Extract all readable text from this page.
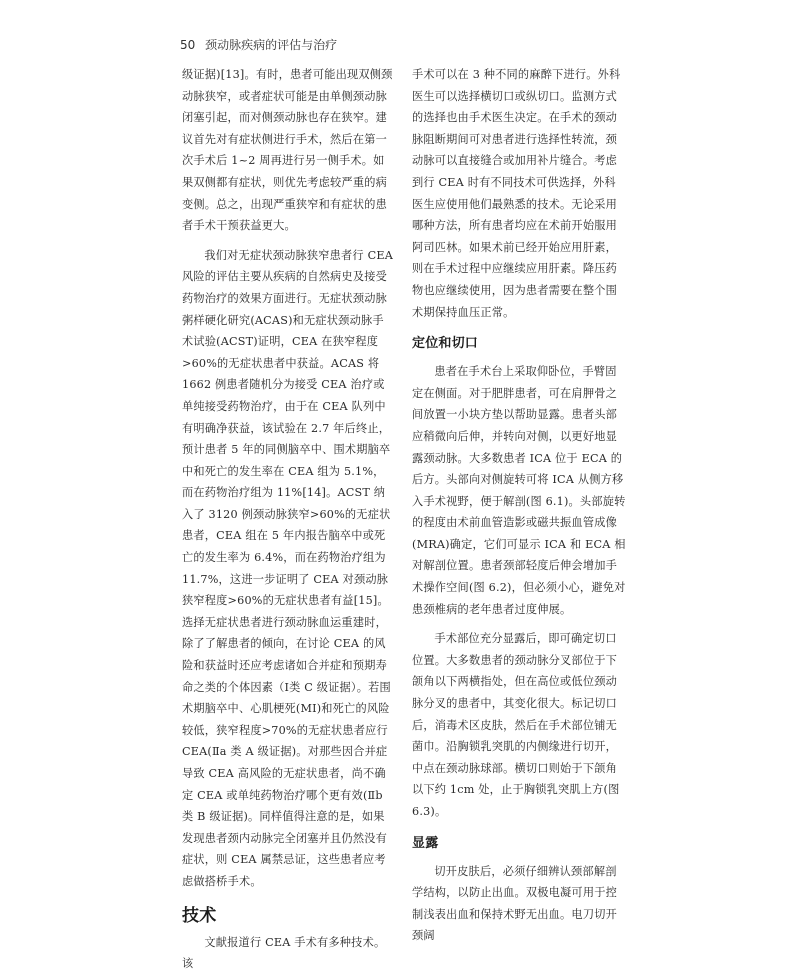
50 颈动脉疾病的评估与治疗

级证据)[13]。有时，患者可能出现双侧颈动脉狭窄，或者症状可能是由单侧颈动脉闭塞引起，而对侧颈动脉也存在狭窄。建议首先对有症状侧进行手术，然后在第一次手术后 1~2 周再进行另一侧手术。如果双侧都有症状，则优先考虑较严重的病变侧。总之，出现严重狭窄和有症状的患者手术干预获益更大。

我们对无症状颈动脉狭窄患者行 CEA 风险的评估主要从疾病的自然病史及接受药物治疗的效果方面进行。无症状颈动脉粥样硬化研究(ACAS)和无症状颈动脉手术试验(ACST)证明，CEA 在狭窄程度>60%的无症状患者中获益。ACAS 将 1662 例患者随机分为接受 CEA 治疗或单纯接受药物治疗，由于在 CEA 队列中有明确净获益，该试验在 2.7 年后终止，预计患者 5 年的同侧脑卒中、围术期脑卒中和死亡的发生率在 CEA 组为 5.1%，而在药物治疗组为 11%[14]。ACST 纳入了 3120 例颈动脉狭窄>60%的无症状患者，CEA 组在 5 年内报告脑卒中或死亡的发生率为 6.4%，而在药物治疗组为 11.7%，这进一步证明了 CEA 对颈动脉狭窄程度>60%的无症状患者有益[15]。选择无症状患者进行颈动脉血运重建时，除了了解患者的倾向，在讨论 CEA 的风险和获益时还应考虑诸如合并症和预期寿命之类的个体因素（Ⅰ类 C 级证据）。若围术期脑卒中、心肌梗死(MI)和死亡的风险较低，狭窄程度>70%的无症状患者应行 CEA(Ⅱa 类 A 级证据)。对那些因合并症导致 CEA 高风险的无症状患者，尚不确定 CEA 或单纯药物治疗哪个更有效(Ⅱb 类 B 级证据)。同样值得注意的是，如果发现患者颈内动脉完全闭塞并且仍然没有症状，则 CEA 属禁忌证，这些患者应考虑做搭桥手术。

技术

文献报道行 CEA 手术有多种技术。该

手术可以在 3 种不同的麻醉下进行。外科医生可以选择横切口或纵切口。监测方式的选择也由手术医生决定。在手术的颈动脉阻断期间可对患者进行选择性转流，颈动脉可以直接缝合或加用补片缝合。考虑到行 CEA 时有不同技术可供选择，外科医生应使用他们最熟悉的技术。无论采用哪种方法，所有患者均应在术前开始服用阿司匹林。如果术前已经开始应用肝素，则在手术过程中应继续应用肝素。降压药物也应继续使用，因为患者需要在整个围术期保持血压正常。

定位和切口

患者在手术台上采取仰卧位，手臂固定在侧面。对于肥胖患者，可在肩胛骨之间放置一小块方垫以帮助显露。患者头部应稍微向后伸，并转向对侧，以更好地显露颈动脉。大多数患者 ICA 位于 ECA 的后方。头部向对侧旋转可将 ICA 从侧方移入手术视野，便于解剖(图 6.1)。头部旋转的程度由术前血管造影或磁共振血管成像(MRA)确定，它们可显示 ICA 和 ECA 相对解剖位置。患者颈部轻度后伸会增加手术操作空间(图 6.2)，但必须小心，避免对患颈椎病的老年患者过度伸展。

手术部位充分显露后，即可确定切口位置。大多数患者的颈动脉分叉部位于下颌角以下两横指处，但在高位或低位颈动脉分叉的患者中，其变化很大。标记切口后，消毒术区皮肤，然后在手术部位铺无菌巾。沿胸锁乳突肌的内侧缘进行切开，中点在颈动脉球部。横切口则始于下颌角以下约 1cm 处，止于胸锁乳突肌上方(图 6.3)。

显露

切开皮肤后，必须仔细辨认颈部解剖学结构，以防止出血。双极电凝可用于控制浅表出血和保持术野无出血。电刀切开颈阔
